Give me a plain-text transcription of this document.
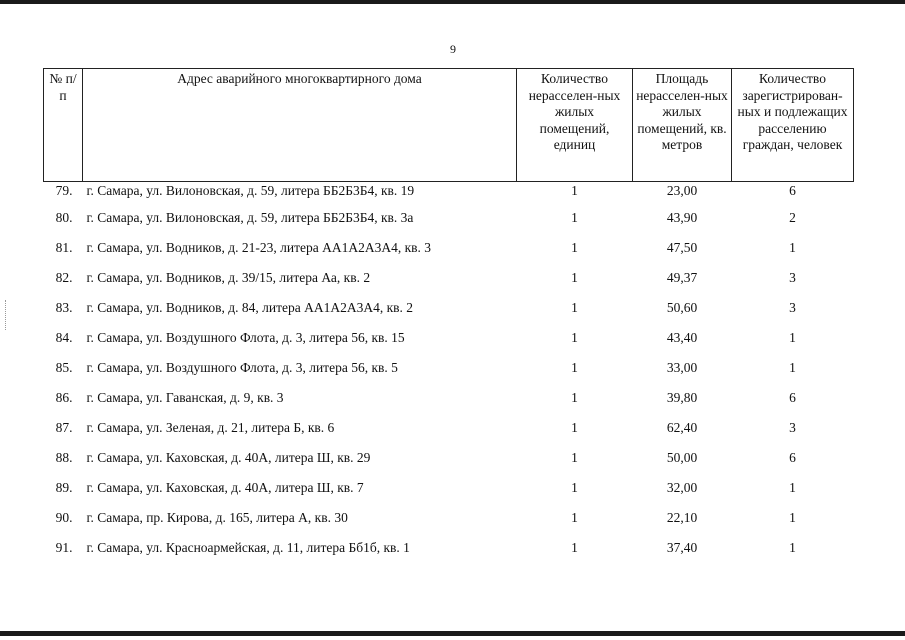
9
№ п/п	Адрес аварийного многоквартирного дома	Количество нерасселен-ных жилых помещений, единиц	Площадь нерасселен-ных жилых помещений, кв. метров	Количество зарегистрирован-ных и подлежащих расселению граждан, человек
79.	г. Самара, ул. Вилоновская, д. 59, литера ББ2Б3Б4, кв. 19	1	23,00	6
80.	г. Самара, ул. Вилоновская, д. 59, литера ББ2Б3Б4, кв. 3а	1	43,90	2
81.	г. Самара, ул. Водников, д. 21-23, литера АА1А2А3А4, кв. 3	1	47,50	1
82.	г. Самара, ул. Водников, д. 39/15, литера Аа, кв. 2	1	49,37	3
83.	г. Самара, ул. Водников, д. 84, литера АА1А2А3А4, кв. 2	1	50,60	3
84.	г. Самара, ул. Воздушного Флота, д. 3, литера 56, кв. 15	1	43,40	1
85.	г. Самара, ул. Воздушного Флота, д. 3, литера 56, кв. 5	1	33,00	1
86.	г. Самара, ул. Гаванская, д. 9, кв. 3	1	39,80	6
87.	г. Самара, ул. Зеленая, д. 21, литера Б, кв. 6	1	62,40	3
88.	г. Самара, ул. Каховская, д. 40А, литера Ш, кв. 29	1	50,00	6
89.	г. Самара, ул. Каховская, д. 40А, литера Ш, кв. 7	1	32,00	1
90.	г. Самара, пр. Кирова, д. 165, литера А, кв. 30	1	22,10	1
91.	г. Самара, ул. Красноармейская, д. 11, литера Бб1б, кв. 1	1	37,40	1
